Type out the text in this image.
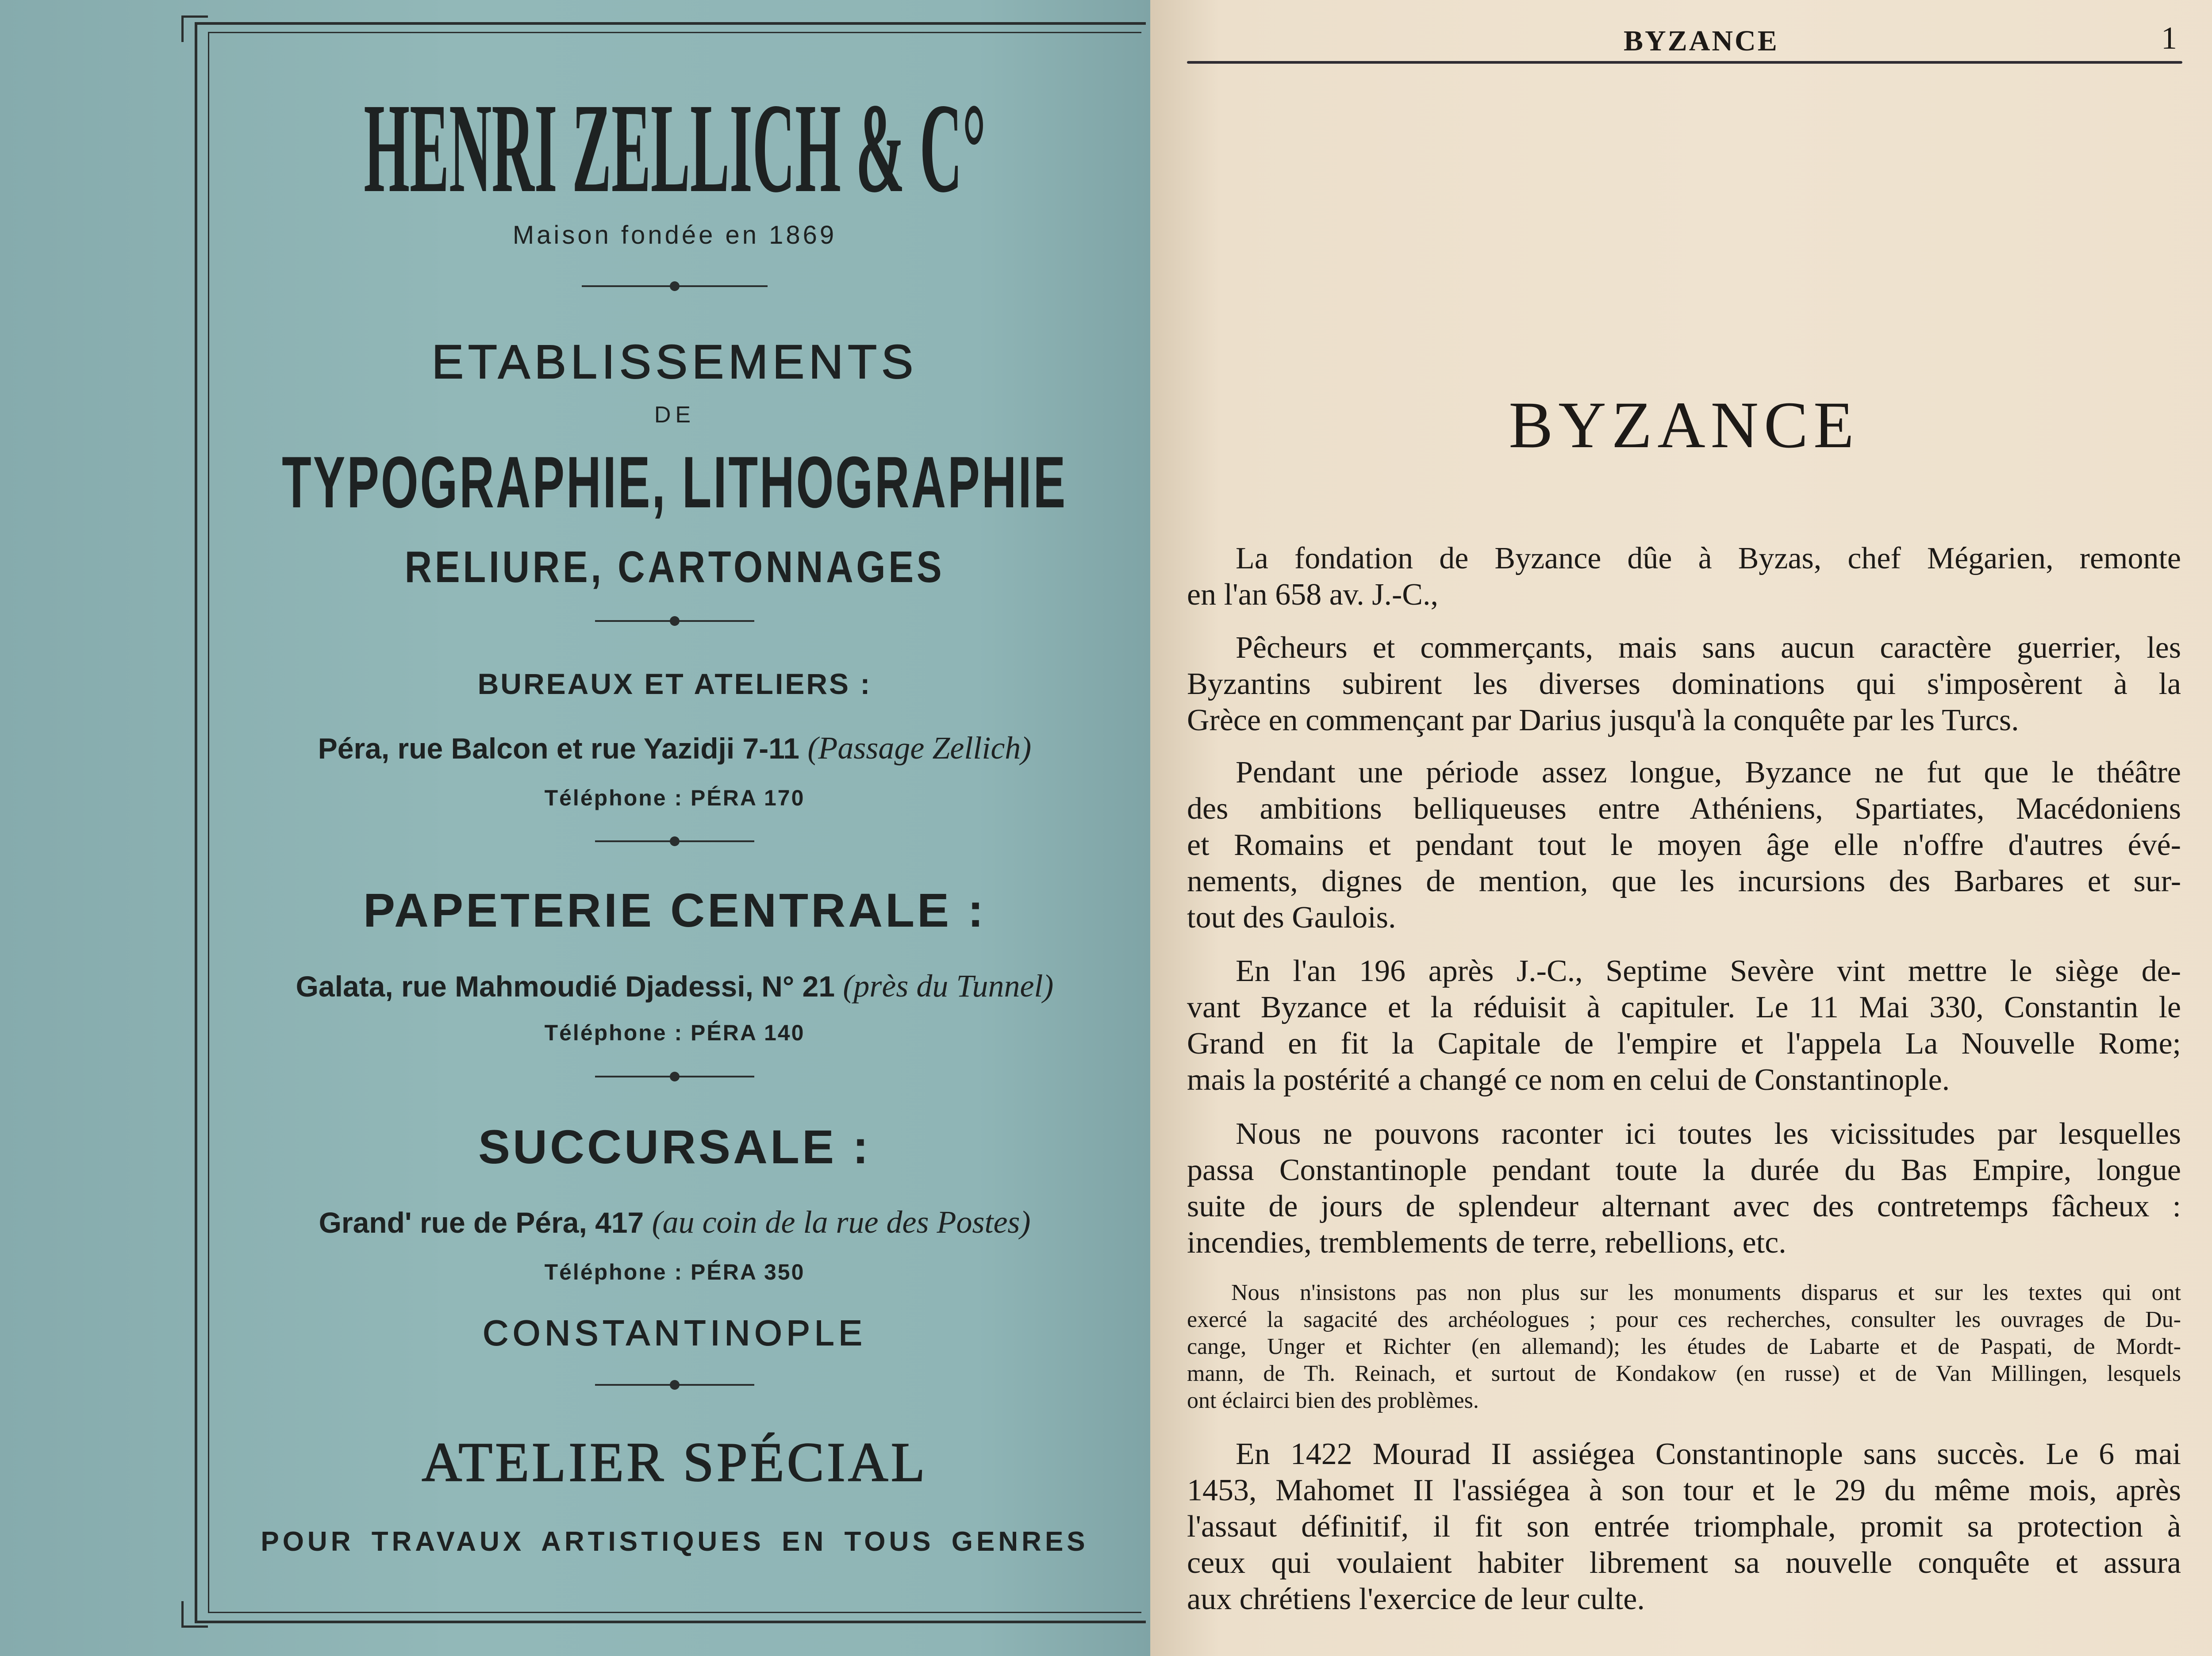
HENRI ZELLICH & C°
Maison fondée en 1869
ETABLISSEMENTS
DE
TYPOGRAPHIE, LITHOGRAPHIE
RELIURE, CARTONNAGES
BUREAUX ET ATELIERS :
Péra, rue Balcon et rue Yazidji 7-11 (Passage Zellich)
Téléphone : PÉRA 170
PAPETERIE CENTRALE :
Galata, rue Mahmoudié Djadessi, N° 21 (près du Tunnel)
Téléphone : PÉRA 140
SUCCURSALE :
Grand' rue de Péra, 417 (au coin de la rue des Postes)
Téléphone : PÉRA 350
CONSTANTINOPLE
ATELIER SPÉCIAL
POUR TRAVAUX ARTISTIQUES EN TOUS GENRES
BYZANCE	1
BYZANCE
La fondation de Byzance dûe à Byzas, chef Mégarien, remonte
en l'an 658 av. J.-C.,
Pêcheurs et commerçants, mais sans aucun caractère guerrier, les
Byzantins subirent les diverses dominations qui s'imposèrent à la
Grèce en commençant par Darius jusqu'à la conquête par les Turcs.
Pendant une période assez longue, Byzance ne fut que le théâtre
des ambitions belliqueuses entre Athéniens, Spartiates, Macédoniens
et Romains et pendant tout le moyen âge elle n'offre d'autres évé-
nements, dignes de mention, que les incursions des Barbares et sur-
tout des Gaulois.
En l'an 196 après J.-C., Septime Sevère vint mettre le siège de-
vant Byzance et la réduisit à capituler. Le 11 Mai 330, Constantin le
Grand en fit la Capitale de l'empire et l'appela La Nouvelle Rome;
mais la postérité a changé ce nom en celui de Constantinople.
Nous ne pouvons raconter ici toutes les vicissitudes par lesquelles
passa Constantinople pendant toute la durée du Bas Empire, longue
suite de jours de splendeur alternant avec des contretemps fâcheux :
incendies, tremblements de terre, rebellions, etc.
Nous n'insistons pas non plus sur les monuments disparus et sur les textes qui ont
exercé la sagacité des archéologues ; pour ces recherches, consulter les ouvrages de Du-
cange, Unger et Richter (en allemand); les études de Labarte et de Paspati, de Mordt-
mann, de Th. Reinach, et surtout de Kondakow (en russe) et de Van Millingen, lesquels
ont éclairci bien des problèmes.
En 1422 Mourad II assiégea Constantinople sans succès. Le 6 mai
1453, Mahomet II l'assiégea à son tour et le 29 du même mois, après
l'assaut définitif, il fit son entrée triomphale, promit sa protection à
ceux qui voulaient habiter librement sa nouvelle conquête et assura
aux chrétiens l'exercice de leur culte.
